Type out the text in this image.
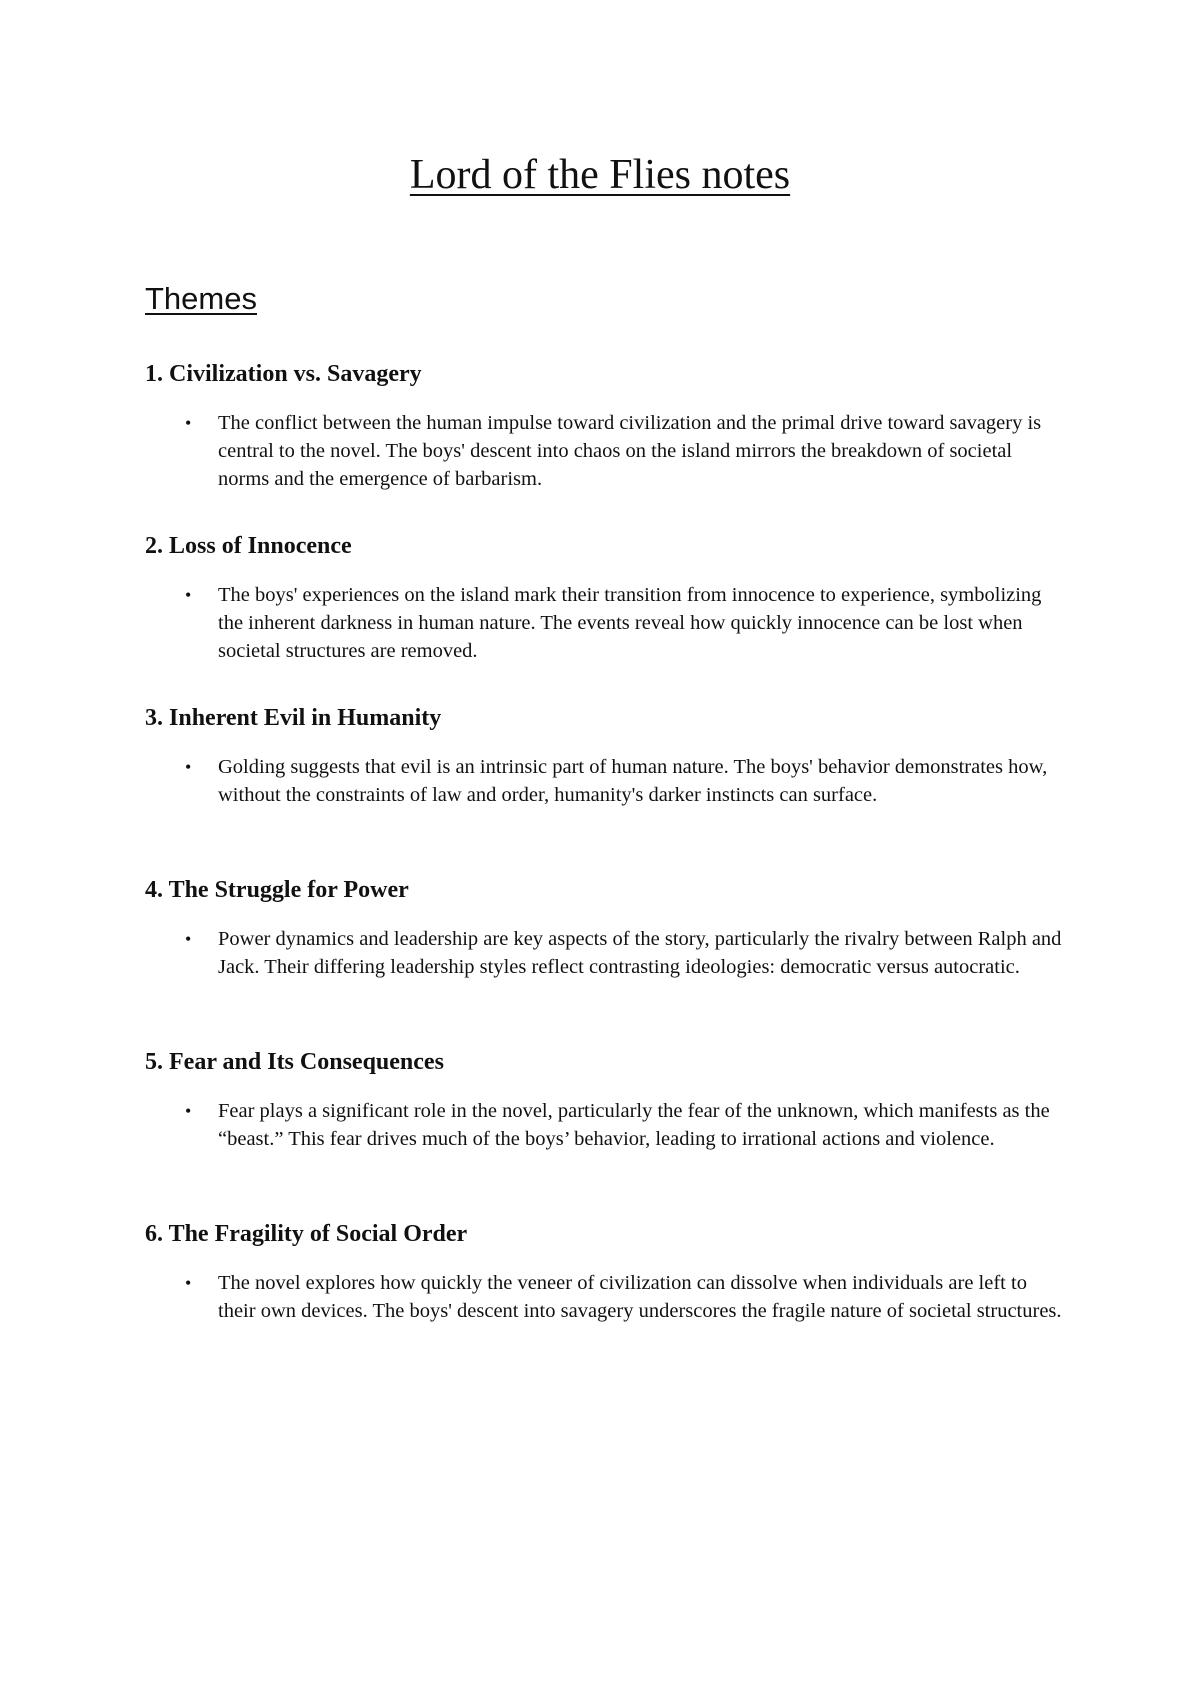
Lord of the Flies notes
Themes
1. Civilization vs. Savagery
• The conflict between the human impulse toward civilization and the primal drive toward savagery is central to the novel. The boys' descent into chaos on the island mirrors the breakdown of societal norms and the emergence of barbarism.
2. Loss of Innocence
• The boys' experiences on the island mark their transition from innocence to experience, symbolizing the inherent darkness in human nature. The events reveal how quickly innocence can be lost when societal structures are removed.
3. Inherent Evil in Humanity
• Golding suggests that evil is an intrinsic part of human nature. The boys' behavior demonstrates how, without the constraints of law and order, humanity's darker instincts can surface.
4. The Struggle for Power
• Power dynamics and leadership are key aspects of the story, particularly the rivalry between Ralph and Jack. Their differing leadership styles reflect contrasting ideologies: democratic versus autocratic.
5. Fear and Its Consequences
• Fear plays a significant role in the novel, particularly the fear of the unknown, which manifests as the “beast.” This fear drives much of the boys’ behavior, leading to irrational actions and violence.
6. The Fragility of Social Order
• The novel explores how quickly the veneer of civilization can dissolve when individuals are left to their own devices. The boys' descent into savagery underscores the fragile nature of societal structures.
